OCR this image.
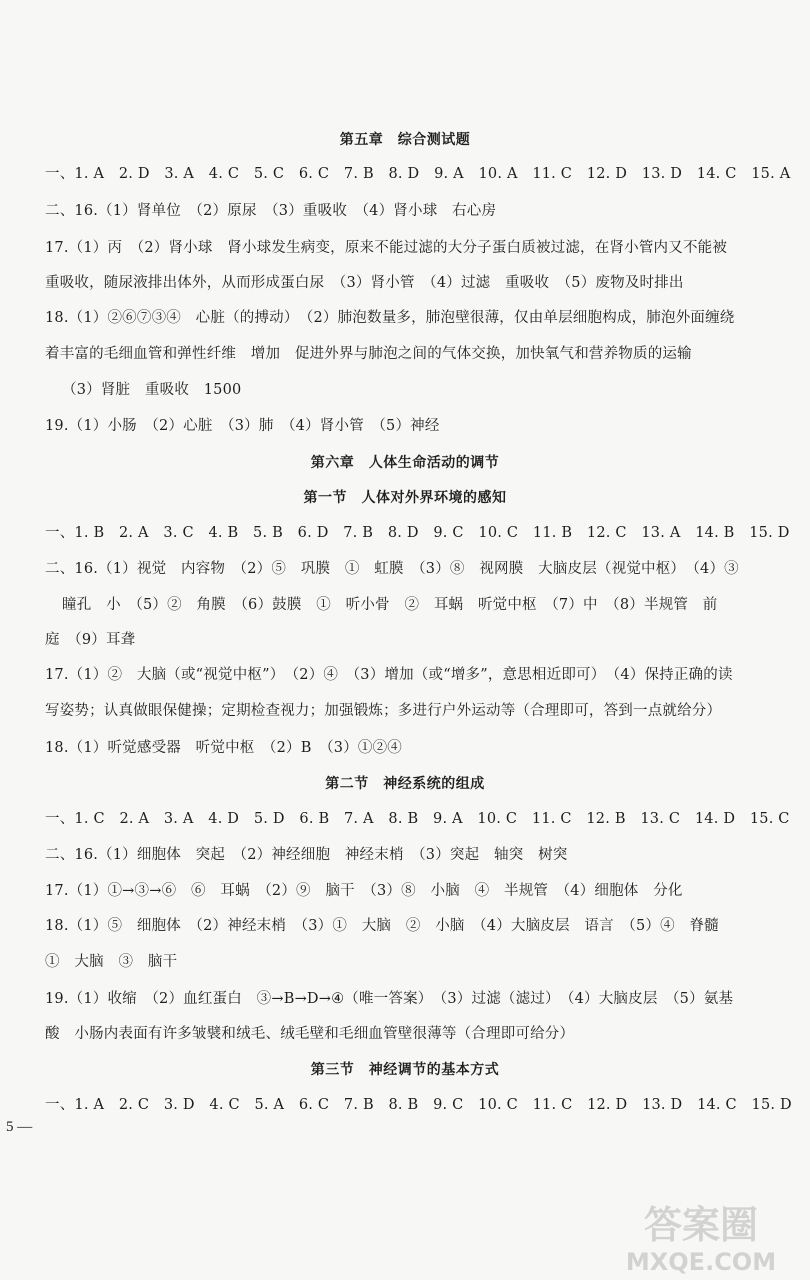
第五章　综合测试题
一、1. A　2. D　3. A　4. C　5. C　6. C　7. B　8. D　9. A　10. A　11. C　12. D　13. D　14. C　15. A
二、16.（1）肾单位　（2）原尿　（3）重吸收　（4）肾小球　右心房
17.（1）丙　（2）肾小球　肾小球发生病变，原来不能过滤的大分子蛋白质被过滤，在肾小管内又不能被
重吸收，随尿液排出体外，从而形成蛋白尿　（3）肾小管　（4）过滤　重吸收　（5）废物及时排出
18.（1）②⑥⑦③④　心脏（的搏动）　（2）肺泡数量多，肺泡壁很薄，仅由单层细胞构成，肺泡外面缠绕
着丰富的毛细血管和弹性纤维　增加　促进外界与肺泡之间的气体交换，加快氧气和营养物质的运输
（3）肾脏　重吸收　1500
19.（1）小肠　（2）心脏　（3）肺　（4）肾小管　（5）神经
第六章　人体生命活动的调节
第一节　人体对外界环境的感知
一、1. B　2. A　3. C　4. B　5. B　6. D　7. B　8. D　9. C　10. C　11. B　12. C　13. A　14. B　15. D
二、16.（1）视觉　内容物　（2）⑤　巩膜　①　虹膜　（3）⑧　视网膜　大脑皮层（视觉中枢）　（4）③
瞳孔　小　（5）②　角膜　（6）鼓膜　①　听小骨　②　耳蜗　听觉中枢　（7）中　（8）半规管　前
庭　（9）耳聋
17.（1）②　大脑（或“视觉中枢”）　（2）④　（3）增加（或“增多”，意思相近即可）　（4）保持正确的读
写姿势；认真做眼保健操；定期检查视力；加强锻炼；多进行户外运动等（合理即可，答到一点就给分）
18.（1）听觉感受器　听觉中枢　（2）B　（3）①②④
第二节　神经系统的组成
一、1. C　2. A　3. A　4. D　5. D　6. B　7. A　8. B　9. A　10. C　11. C　12. B　13. C　14. D　15. C
二、16.（1）细胞体　突起　（2）神经细胞　神经末梢　（3）突起　轴突　树突
17.（1）①→③→⑥　⑥　耳蜗　（2）⑨　脑干　（3）⑧　小脑　④　半规管　（4）细胞体　分化
18.（1）⑤　细胞体　（2）神经末梢　（3）①　大脑　②　小脑　（4）大脑皮层　语言　（5）④　脊髓
①　大脑　③　脑干
19.（1）收缩　（2）血红蛋白　③→B→D→④（唯一答案）　（3）过滤（滤过）　（4）大脑皮层　（5）氨基
酸　小肠内表面有许多皱襞和绒毛、绒毛壁和毛细血管壁很薄等（合理即可给分）
第三节　神经调节的基本方式
一、1. A　2. C　3. D　4. C　5. A　6. C　7. B　8. B　9. C　10. C　11. C　12. D　13. D　14. C　15. D
5 —
答案圈
MXQE.COM
